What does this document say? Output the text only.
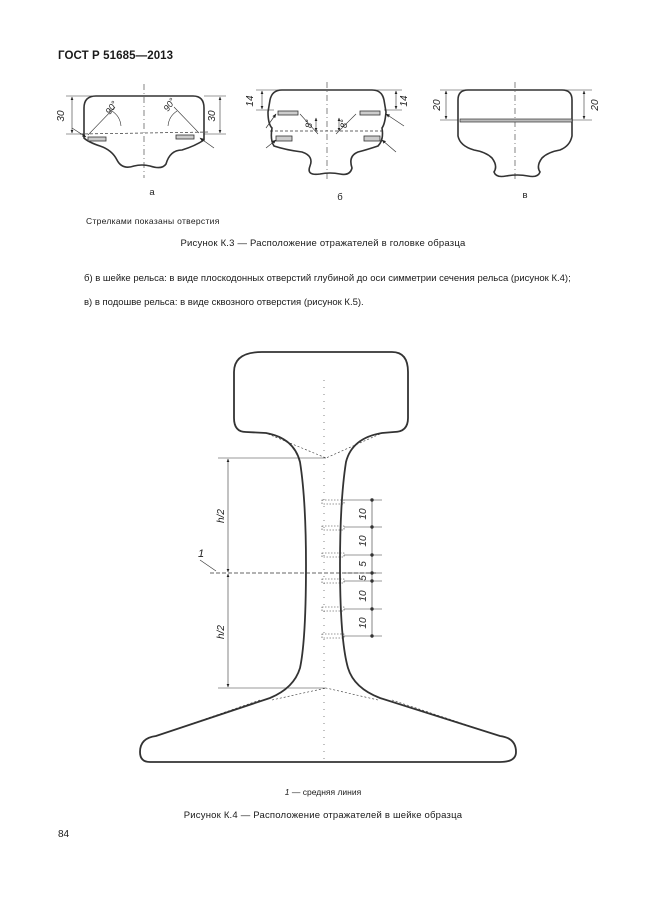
ГОСТ Р 51685—2013
30	30
90°	90°
а
14	14
8°	8°
б
20	20
в
h/2
h/2
1
10
10
5
5
10
10
Стрелками показаны отверстия
Рисунок К.3 — Расположение отражателей в головке образца
б) в шейке рельса: в виде плоскодонных отверстий глубиной до оси симметрии сечения рельса (рисунок К.4);
в) в подошве рельса: в виде сквозного отверстия (рисунок К.5).
1 — средняя линия
Рисунок К.4 — Расположение отражателей в шейке образца
84
